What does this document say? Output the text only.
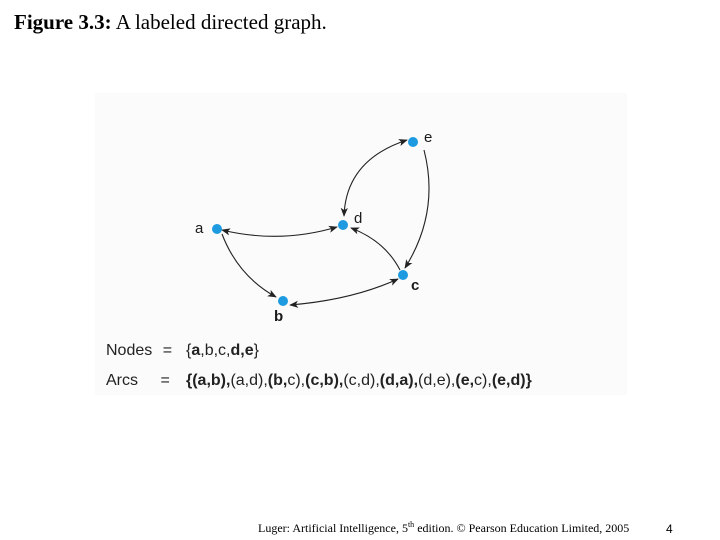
Figure 3.3: A labeled directed graph.
a
b
c
d
e
Nodes = {a,b,c,d,e}
Arcs = {(a,b),(a,d),(b,c),(c,b),(c,d),(d,a),(d,e),(e,c),(e,d)}
Luger: Artificial Intelligence, 5th edition. © Pearson Education Limited, 2005	4
